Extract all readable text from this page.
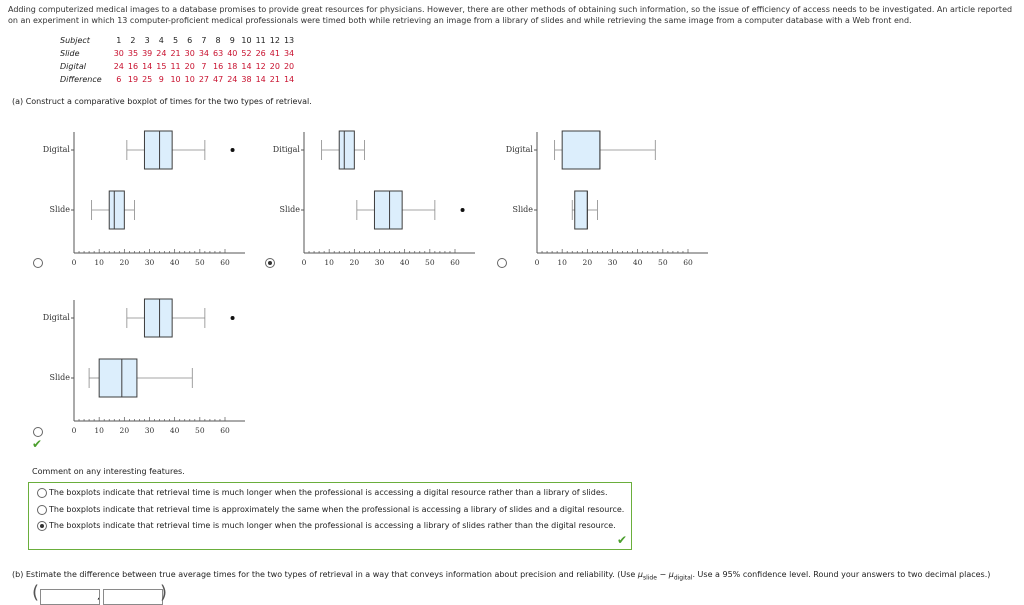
Adding computerized medical images to a database promises to provide great resources for physicians. However, there are other methods of obtaining such information, so the issue of efficiency of access needs to be investigated. An article reported on an experiment in which 13 computer-proficient medical professionals were timed both while retrieving an image from a library of slides and while retrieving the same image from a computer database with a Web front end.
Subject	1	2	3	4	5	6	7	8	9	10	11	12	13
Slide	30	35	39	24	21	30	34	63	40	52	26	41	34
Digital	24	16	14	15	11	20	7	16	18	14	12	20	20
Difference	6	19	25	9	10	10	27	47	24	38	14	21	14
(a) Construct a comparative boxplot of times for the two types of retrieval.
Digital
Slide
0 10 20 30 40 50 60
Ditigal
Slide
0 10 20 30 40 50 60
Digital
Slide
0 10 20 30 40 50 60
✔
Digital
Slide
0 10 20 30 40 50 60
Comment on any interesting features.
The boxplots indicate that retrieval time is much longer when the professional is accessing a digital resource rather than a library of slides.
The boxplots indicate that retrieval time is approximately the same when the professional is accessing a library of slides and a digital resource.
The boxplots indicate that retrieval time is much longer when the professional is accessing a library of slides rather than the digital resource.
✔
(b) Estimate the difference between true average times for the two types of retrieval in a way that conveys information about precision and reliability. (Use $\mu_{slide} - \mu_{digital}$. Use a 95% confidence level. Round your answers to two decimal places.)
(	,	)
